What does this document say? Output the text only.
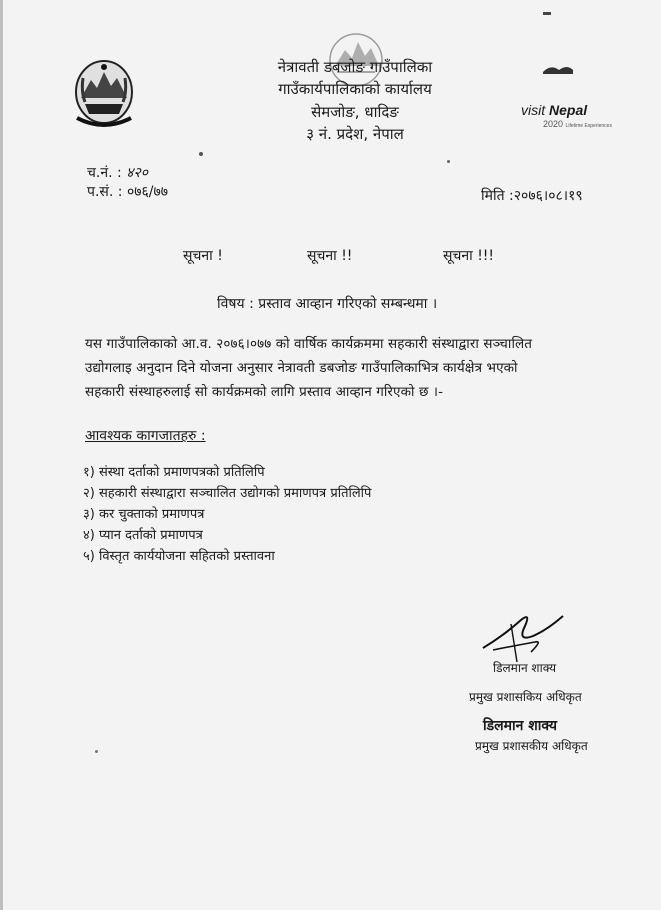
नेत्रावती डबजोङ गाउँपालिका
गाउँकार्यपालिकाको कार्यालय
सेमजोङ, धादिङ
३ नं. प्रदेश, नेपाल
visit Nepal
2020 Lifetime Experiences
च.नं. : ४२०
प.सं. : ०७६/७७	मिति :२०७६।०८।१९
सूचना !	सूचना !!	सूचना !!!
विषय : प्रस्ताव आव्हान गरिएको सम्बन्धमा ।
यस गाउँपालिकाको आ.व. २०७६।०७७ को वार्षिक कार्यक्रममा सहकारी संस्थाद्वारा सञ्चालित
उद्योगलाइ अनुदान दिने योजना अनुसार नेत्रावती डबजोङ गाउँपालिकाभित्र कार्यक्षेत्र भएको
सहकारी संस्थाहरुलाई सो कार्यक्रमको लागि प्रस्ताव आव्हान गरिएको छ ।-
आवश्यक कागजातहरु :
१) संस्था दर्ताको प्रमाणपत्रको प्रतिलिपि
२) सहकारी संस्थाद्वारा सञ्चालित उद्योगको प्रमाणपत्र प्रतिलिपि
३) कर चुक्ताको प्रमाणपत्र
४) प्यान दर्ताको प्रमाणपत्र
५) विस्तृत कार्ययोजना सहितको प्रस्तावना
डिलमान शाक्य
प्रमुख प्रशासकिय अधिकृत
डिलमान शाक्य
प्रमुख प्रशासकीय अधिकृत
